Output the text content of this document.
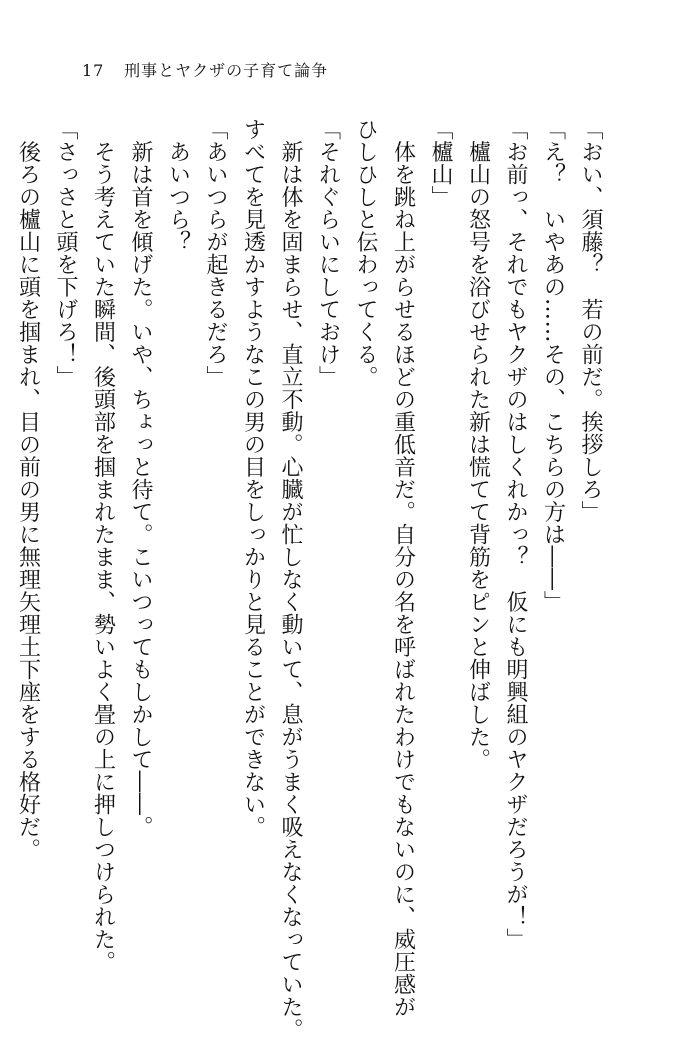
17 刑事とヤクザの子育て論争

「おい、須藤？　若の前だ。挨拶しろ」

「え？　いやあの……その、こちらの方は――」

「お前っ、それでもヤクザのはしくれかっ？　仮にも明興組のヤクザだろうが！」

　櫨山の怒号を浴びせられた新は慌てて背筋をピンと伸ばした。

「櫨山」

　体を跳ね上がらせるほどの重低音だ。自分の名を呼ばれたわけでもないのに、威圧感が

ひしひしと伝わってくる。

「それぐらいにしておけ」

　新は体を固まらせ、直立不動。心臓が忙しなく動いて、息がうまく吸えなくなっていた。

すべてを見透かすようなこの男の目をしっかりと見ることができない。

「あいつらが起きるだろ」

　あいつら？

　新は首を傾げた。いや、ちょっと待て。こいつってもしかして――。

　そう考えていた瞬間、後頭部を掴まれたまま、勢いよく畳の上に押しつけられた。

「さっさと頭を下げろ！」

　後ろの櫨山に頭を掴まれ、目の前の男に無理矢理土下座をする格好だ。
